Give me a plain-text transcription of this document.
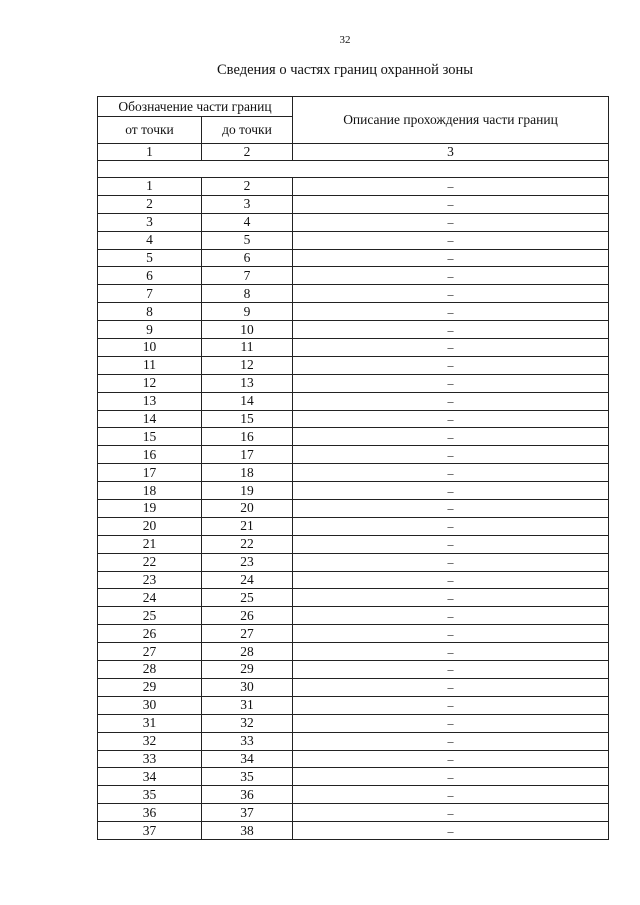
32
Сведения о частях границ охранной зоны
Обозначение части границ		Описание прохождения части границ
от точки	до точки	
1	2	3

1	2	–
2	3	–
3	4	–
4	5	–
5	6	–
6	7	–
7	8	–
8	9	–
9	10	–
10	11	–
11	12	–
12	13	–
13	14	–
14	15	–
15	16	–
16	17	–
17	18	–
18	19	–
19	20	–
20	21	–
21	22	–
22	23	–
23	24	–
24	25	–
25	26	–
26	27	–
27	28	–
28	29	–
29	30	–
30	31	–
31	32	–
32	33	–
33	34	–
34	35	–
35	36	–
36	37	–
37	38	–
